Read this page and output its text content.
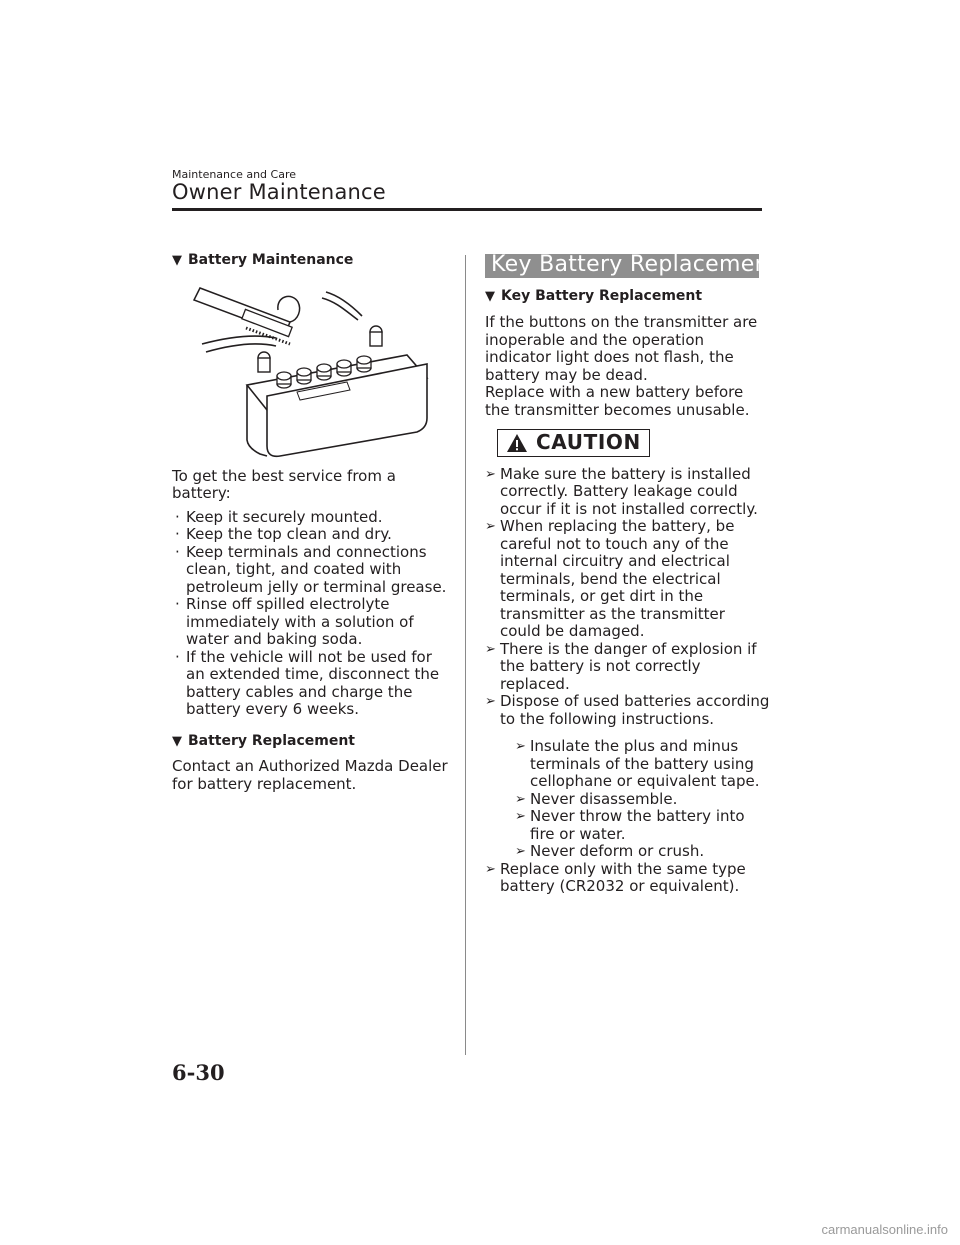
Maintenance and Care
Owner Maintenance
▼ Battery Maintenance

To get the best service from a battery:

· Keep it securely mounted.
· Keep the top clean and dry.
· Keep terminals and connections clean, tight, and coated with petroleum jelly or terminal grease.
· Rinse off spilled electrolyte immediately with a solution of water and baking soda.
· If the vehicle will not be used for an extended time, disconnect the battery cables and charge the battery every 6 weeks.
▼ Battery Replacement

Contact an Authorized Mazda Dealer for battery replacement.

Key Battery Replacement
▼ Key Battery Replacement

If the buttons on the transmitter are inoperable and the operation indicator light does not flash, the battery may be dead.

Replace with a new battery before the transmitter becomes unusable.

CAUTION
➢ Make sure the battery is installed correctly. Battery leakage could occur if it is not installed correctly.
➢ When replacing the battery, be careful not to touch any of the internal circuitry and electrical terminals, bend the electrical terminals, or get dirt in the transmitter as the transmitter could be damaged.
➢ There is the danger of explosion if the battery is not correctly replaced.
➢ Dispose of used batteries according to the following instructions.
➢ Insulate the plus and minus terminals of the battery using cellophane or equivalent tape.
➢ Never disassemble.
➢ Never throw the battery into fire or water.
➢ Never deform or crush.
➢ Replace only with the same type battery (CR2032 or equivalent).
6-30
carmanualsonline.info
